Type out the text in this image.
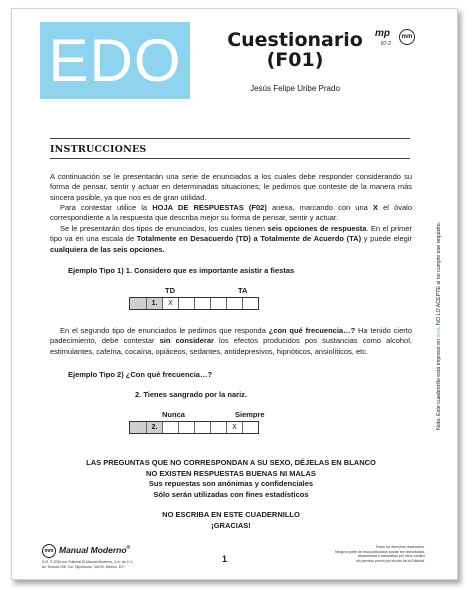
EDO	Cuestionario
(F01)
Jesús Felipe Uribe Prado
mp	mm
87-2
INSTRUCCIONES
A continuación se le presentarán una serie de enunciados a los cuales debe responder considerando su forma de pensar, sentir y actuar en determinadas situaciones; le pedimos que conteste de la manera más sincera posible, ya que nos es de gran utilidad.
Para contestar utilice la HOJA DE RESPUESTAS (F02) anexa, marcando con una X el óvalo correspondiente a la respuesta que describa mejor su forma de pensar, sentir y actuar.
Se le presentarán dos tipos de enunciados, los cuales tienen seis opciones de respuesta. En el primer tipo va en una escala de Totalmente en Desacuerdo (TD) a Totalmente de Acuerdo (TA) y puede elegir cualquiera de las seis opciones.
Ejemplo Tipo 1) 1. Considero que es importante asistir a fiestas
TD	TA
1.	X
En el segundo tipo de enunciados le pedimos que responda ¿con qué frecuencia…? Ha tenido cierto padecimiento, debe contestar sin considerar los efectos producidos pos sustancias como alcohol, estimulantes, cafeína, cocaína, opiáceos, sedantes, antidepresivos, hipnóticos, ansiolíticos, etc.
Ejemplo Tipo 2) ¿Con qué frecuencia…?
2. Tienes sangrado por la nariz.
Nunca	Siempre
2.	X
LAS PREGUNTAS QUE NO CORRESPONDAN A SU SEXO, DÉJELAS EN BLANCO
NO EXISTEN RESPUESTAS BUENAS NI MALAS
Sus repuestas son anónimas y confidenciales
Sólo serán utilizadas con fines estadísticos
NO ESCRIBA EN ESTE CUADERNILLO
¡GRACIAS!
Nota: Este cuadernillo está impreso en azul. NO LO ACEPTE si no cumple ese requisito.
mm Manual Moderno®
D.R. © 2016 por Editorial El Manual Moderno, S.A. de C.V.
Av. Sonora 206, Col. Hipódromo, 06100, México, D.F.
1
Todos los derechos reservados.
Ninguna parte de esta publicación puede ser reproducida,
almacenada o transmitida por otros medios
sin permiso previo por escrito de la Editorial.
